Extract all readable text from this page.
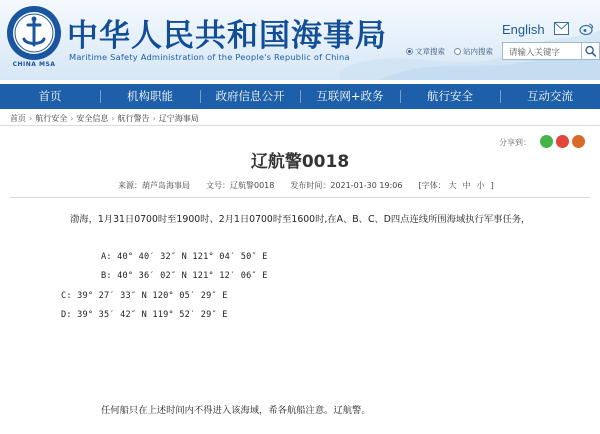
CHINA MSA
中华人民共和国海事局
Maritime Safety Administration of the People's Republic of China
English
文章搜索 站内搜索	请输入关键字
首页	机构职能	政府信息公开	互联网+政务	航行安全	互动交流
首页 › 航行安全 › 安全信息 › 航行警告 › 辽宁海事局
分享到：
辽航警0018
来源：葫芦岛海事局 文号：辽航警0018 发布时间：2021-01-30 19:06 [字体： 大 中 小 ]
渤海，1月31日0700时至1900时、2月1日0700时至1600时,在A、B、C、D四点连线所围海域执行军事任务，
A: 40° 40′ 32″ N 121° 04′ 50″ E
B: 40° 36′ 02″ N 121° 12′ 06″ E
C: 39° 27′ 33″ N 120° 05′ 29″ E
D: 39° 35′ 42″ N 119° 52′ 29″ E
任何船只在上述时间内不得进入该海域，希各航船注意。辽航警。
